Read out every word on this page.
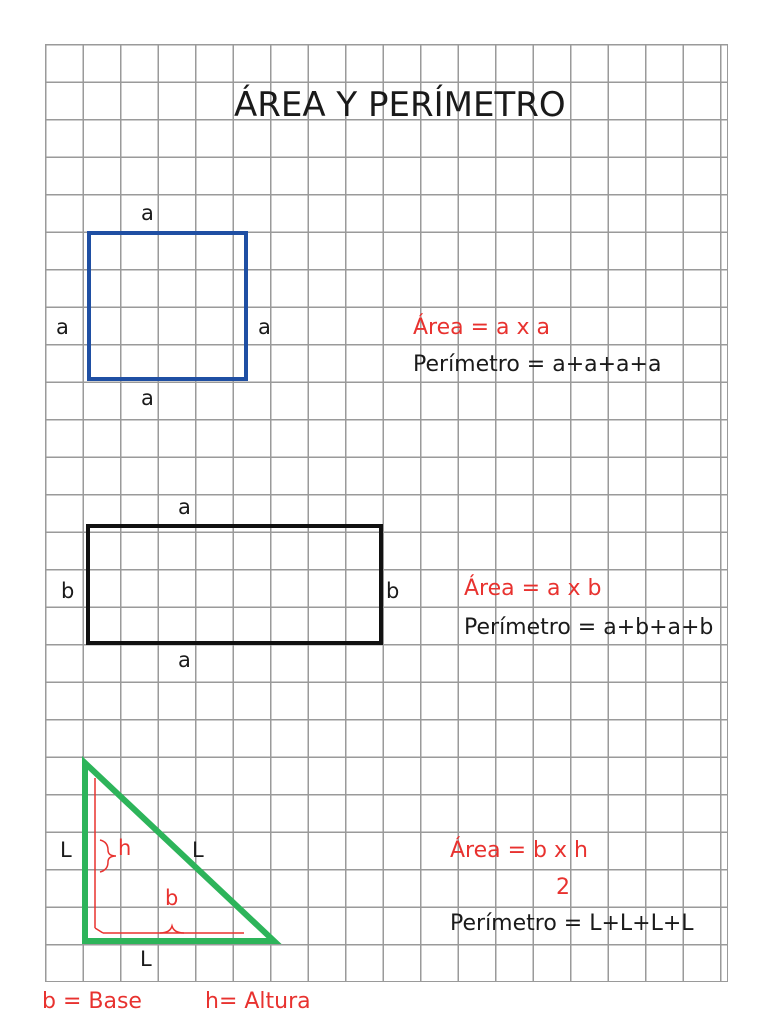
ÁREA Y PERÍMETRO
a
a	a
a
Área = a x a
Perímetro = a+a+a+a
a
b	b
a
Área = a x b
Perímetro = a+b+a+b
L h	L
b
L
Área = b x h
2
Perímetro = L+L+L+L
b = Base	h= Altura
